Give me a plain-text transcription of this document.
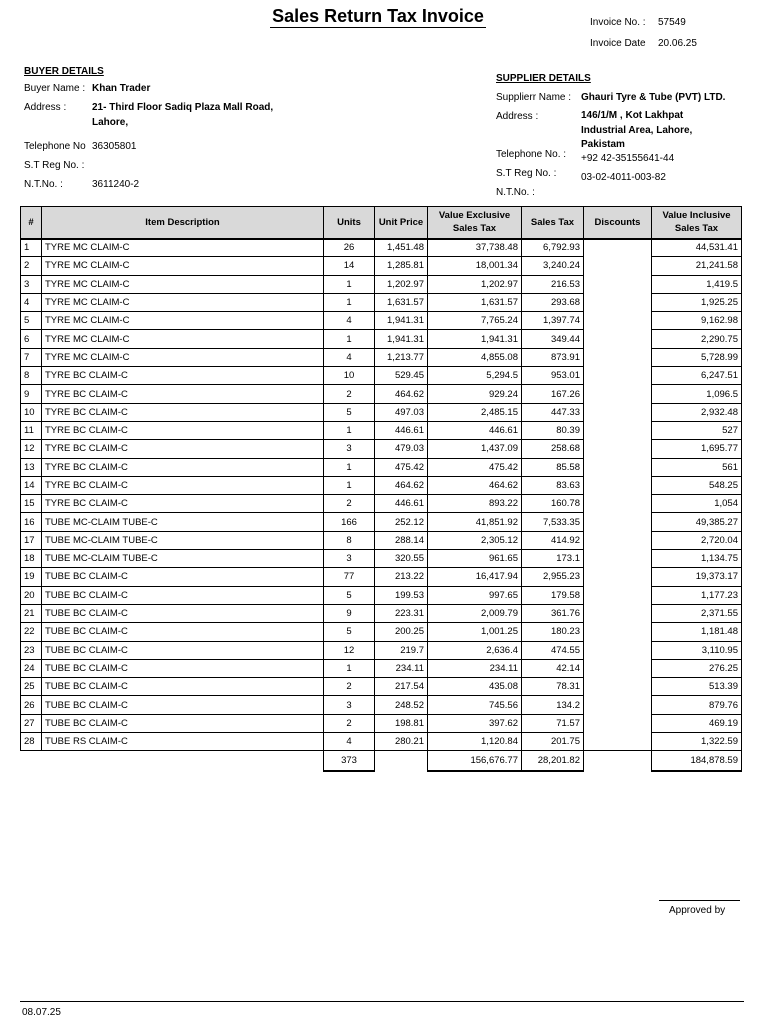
Sales Return Tax Invoice	Invoice No. : 57549
Invoice Date 20.06.25
BUYER DETAILS
Buyer Name : Khan Trader
Address :	21- Third Floor Sadiq Plaza Mall Road,
Lahore,
Telephone No 36305801
S.T Reg No. :
N.T.No. :	3611240-2
SUPPLIER DETAILS
Supplierr Name : Ghauri Tyre & Tube (PVT) LTD.
Address :	146/1/M , Kot Lakhpat
Industrial Area, Lahore,
Pakistam
Telephone No. : +92 42-35155641-44
S.T Reg No. : 03-02-4011-003-82
N.T.No. :
#	Item Description	Units	Unit Price	Value Exclusive Sales Tax	Sales Tax	Discounts	Value Inclusive Sales Tax
1	TYRE MC CLAIM-C	26	1,451.48	37,738.48	6,792.93		44,531.41
2	TYRE MC CLAIM-C	14	1,285.81	18,001.34	3,240.24		21,241.58
3	TYRE MC CLAIM-C	1	1,202.97	1,202.97	216.53		1,419.5
4	TYRE MC CLAIM-C	1	1,631.57	1,631.57	293.68		1,925.25
5	TYRE MC CLAIM-C	4	1,941.31	7,765.24	1,397.74		9,162.98
6	TYRE MC CLAIM-C	1	1,941.31	1,941.31	349.44		2,290.75
7	TYRE MC CLAIM-C	4	1,213.77	4,855.08	873.91		5,728.99
8	TYRE BC CLAIM-C	10	529.45	5,294.5	953.01		6,247.51
9	TYRE BC CLAIM-C	2	464.62	929.24	167.26		1,096.5
10	TYRE BC CLAIM-C	5	497.03	2,485.15	447.33		2,932.48
11	TYRE BC CLAIM-C	1	446.61	446.61	80.39		527
12	TYRE BC CLAIM-C	3	479.03	1,437.09	258.68		1,695.77
13	TYRE BC CLAIM-C	1	475.42	475.42	85.58		561
14	TYRE BC CLAIM-C	1	464.62	464.62	83.63		548.25
15	TYRE BC CLAIM-C	2	446.61	893.22	160.78		1,054
16	TUBE MC-CLAIM TUBE-C	166	252.12	41,851.92	7,533.35		49,385.27
17	TUBE MC-CLAIM TUBE-C	8	288.14	2,305.12	414.92		2,720.04
18	TUBE MC-CLAIM TUBE-C	3	320.55	961.65	173.1		1,134.75
19	TUBE BC CLAIM-C	77	213.22	16,417.94	2,955.23		19,373.17
20	TUBE BC CLAIM-C	5	199.53	997.65	179.58		1,177.23
21	TUBE BC CLAIM-C	9	223.31	2,009.79	361.76		2,371.55
22	TUBE BC CLAIM-C	5	200.25	1,001.25	180.23		1,181.48
23	TUBE BC CLAIM-C	12	219.7	2,636.4	474.55		3,110.95
24	TUBE BC CLAIM-C	1	234.11	234.11	42.14		276.25
25	TUBE BC CLAIM-C	2	217.54	435.08	78.31		513.39
26	TUBE BC CLAIM-C	3	248.52	745.56	134.2		879.76
27	TUBE BC CLAIM-C	2	198.81	397.62	71.57		469.19
28	TUBE RS CLAIM-C	4	280.21	1,120.84	201.75		1,322.59
		373		156,676.77	28,201.82		184,878.59
Approved by
08.07.25
